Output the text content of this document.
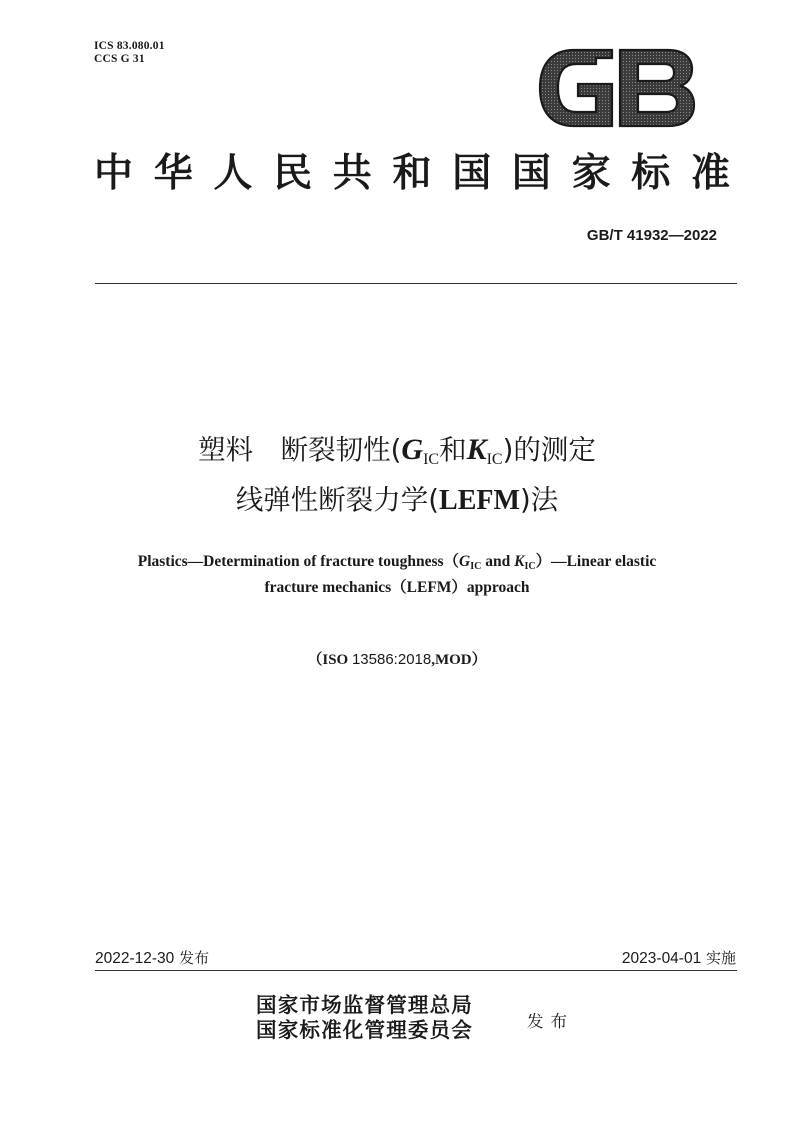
ICS 83.080.01
CCS G 31
中华人民共和国国家标准
GB/T 41932—2022
塑料　断裂韧性($G_{IC}$和$K_{IC}$)的测定
线弹性断裂力学(LEFM)法
Plastics—Determination of fracture toughness（GIC and KIC）—Linear elastic
fracture mechanics（LEFM）approach
（ISO 13586:2018,MOD）
2022-12-30 发布	2023-04-01 实施
国家市场监督管理总局
国家标准化管理委员会	发布
